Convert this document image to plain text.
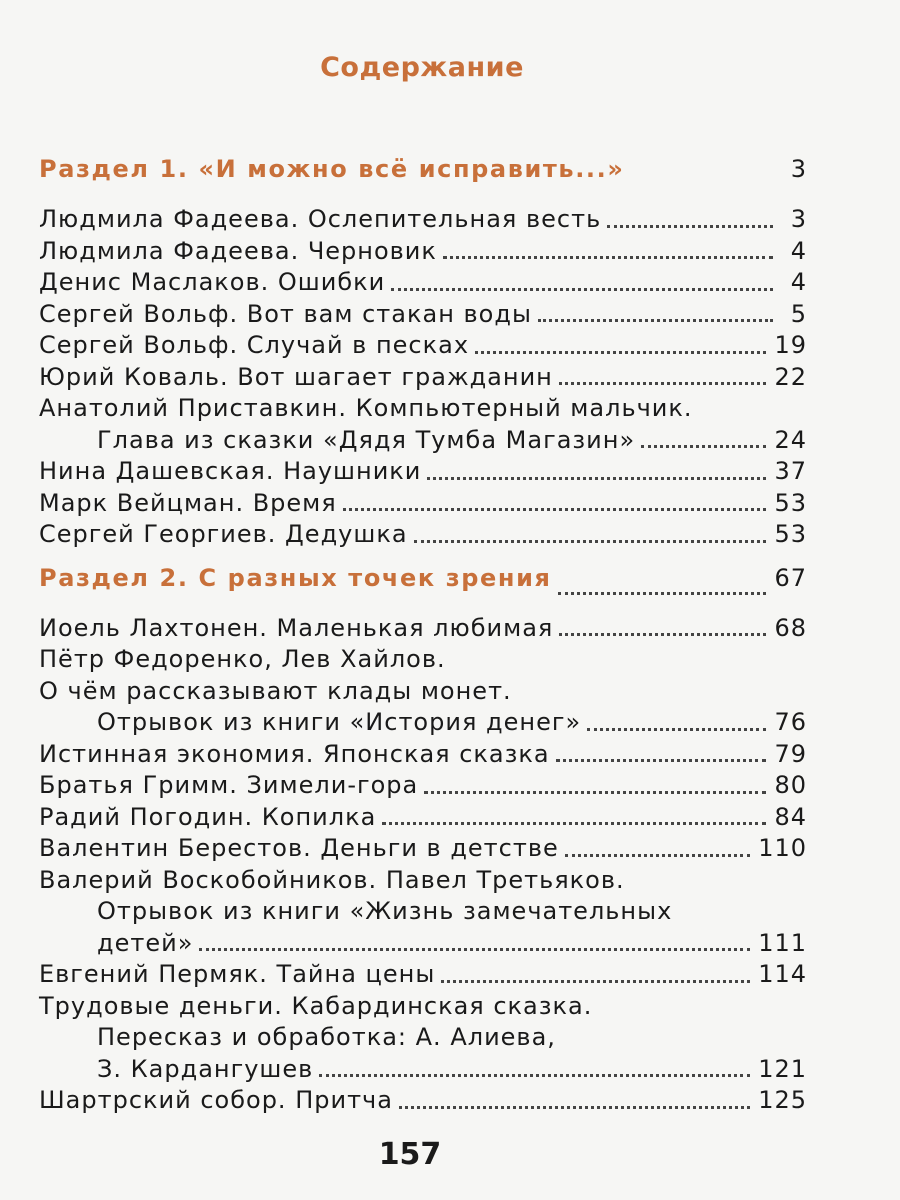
Содержание
Раздел 1. «И можно всё исправить...»	3
Людмила Фадеева. Ослепительная весть	3
Людмила Фадеева. Черновик	4
Денис Маслаков. Ошибки	4
Сергей Вольф. Вот вам стакан воды	5
Сергей Вольф. Случай в песках	19
Юрий Коваль. Вот шагает гражданин	22
Анатолий Приставкин. Компьютерный мальчик.
Глава из сказки «Дядя Тумба Магазин»	24
Нина Дашевская. Наушники	37
Марк Вейцман. Время	53
Сергей Георгиев. Дедушка	53
Раздел 2. С разных точек зрения	67
Иоель Лахтонен. Маленькая любимая	68
Пётр Федоренко, Лев Хайлов.
О чём рассказывают клады монет.
Отрывок из книги «История денег»	76
Истинная экономия. Японская сказка	79
Братья Гримм. Зимели-гора	80
Радий Погодин. Копилка	84
Валентин Берестов. Деньги в детстве	110
Валерий Воскобойников. Павел Третьяков.
Отрывок из книги «Жизнь замечательных
детей»	111
Евгений Пермяк. Тайна цены	114
Трудовые деньги. Кабардинская сказка.
Пересказ и обработка: А. Алиева,
З. Кардангушев	121
Шартрский собор. Притча	125
157
